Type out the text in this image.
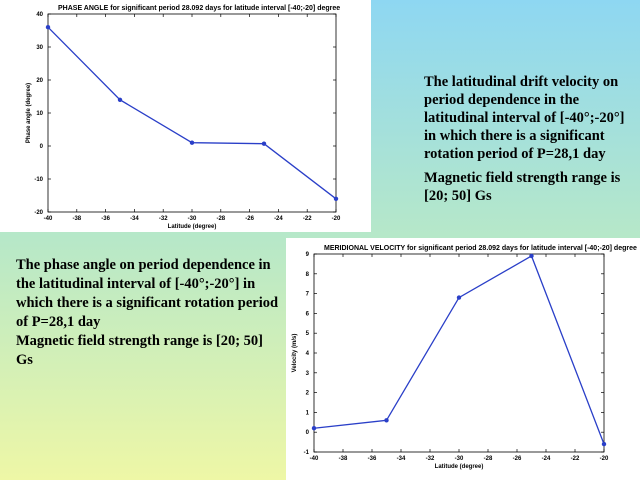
PHASE ANGLE for significant period 28.092 days for latitude interval [-40;-20] degree
-40	-38	-36	-34	-32	-30	-28	-26	-24	-22	-20
-20
-10
0
10
20
30
40
Latitude (degree)
Phase angle (degree)
MERIDIONAL VELOCITY for significant period 28.092 days for latitude interval [-40;-20] degree
-40	-38	-36	-34	-32	-30	-28	-26	-24	-22	-20
-1
0
1
2
3
4
5
6
7
8
9
Latitude (degree)
Velocity (m/s)
The latitudinal drift velocity on period dependence in the latitudinal interval of [-40°;-20°] in which there is a significant rotation period of P=28,1 day
Magnetic field strength range is [20; 50] Gs
The phase angle on period dependence in the latitudinal interval of [-40°;-20°] in which there is a significant rotation period of P=28,1 day
Magnetic field strength range is [20; 50] Gs
